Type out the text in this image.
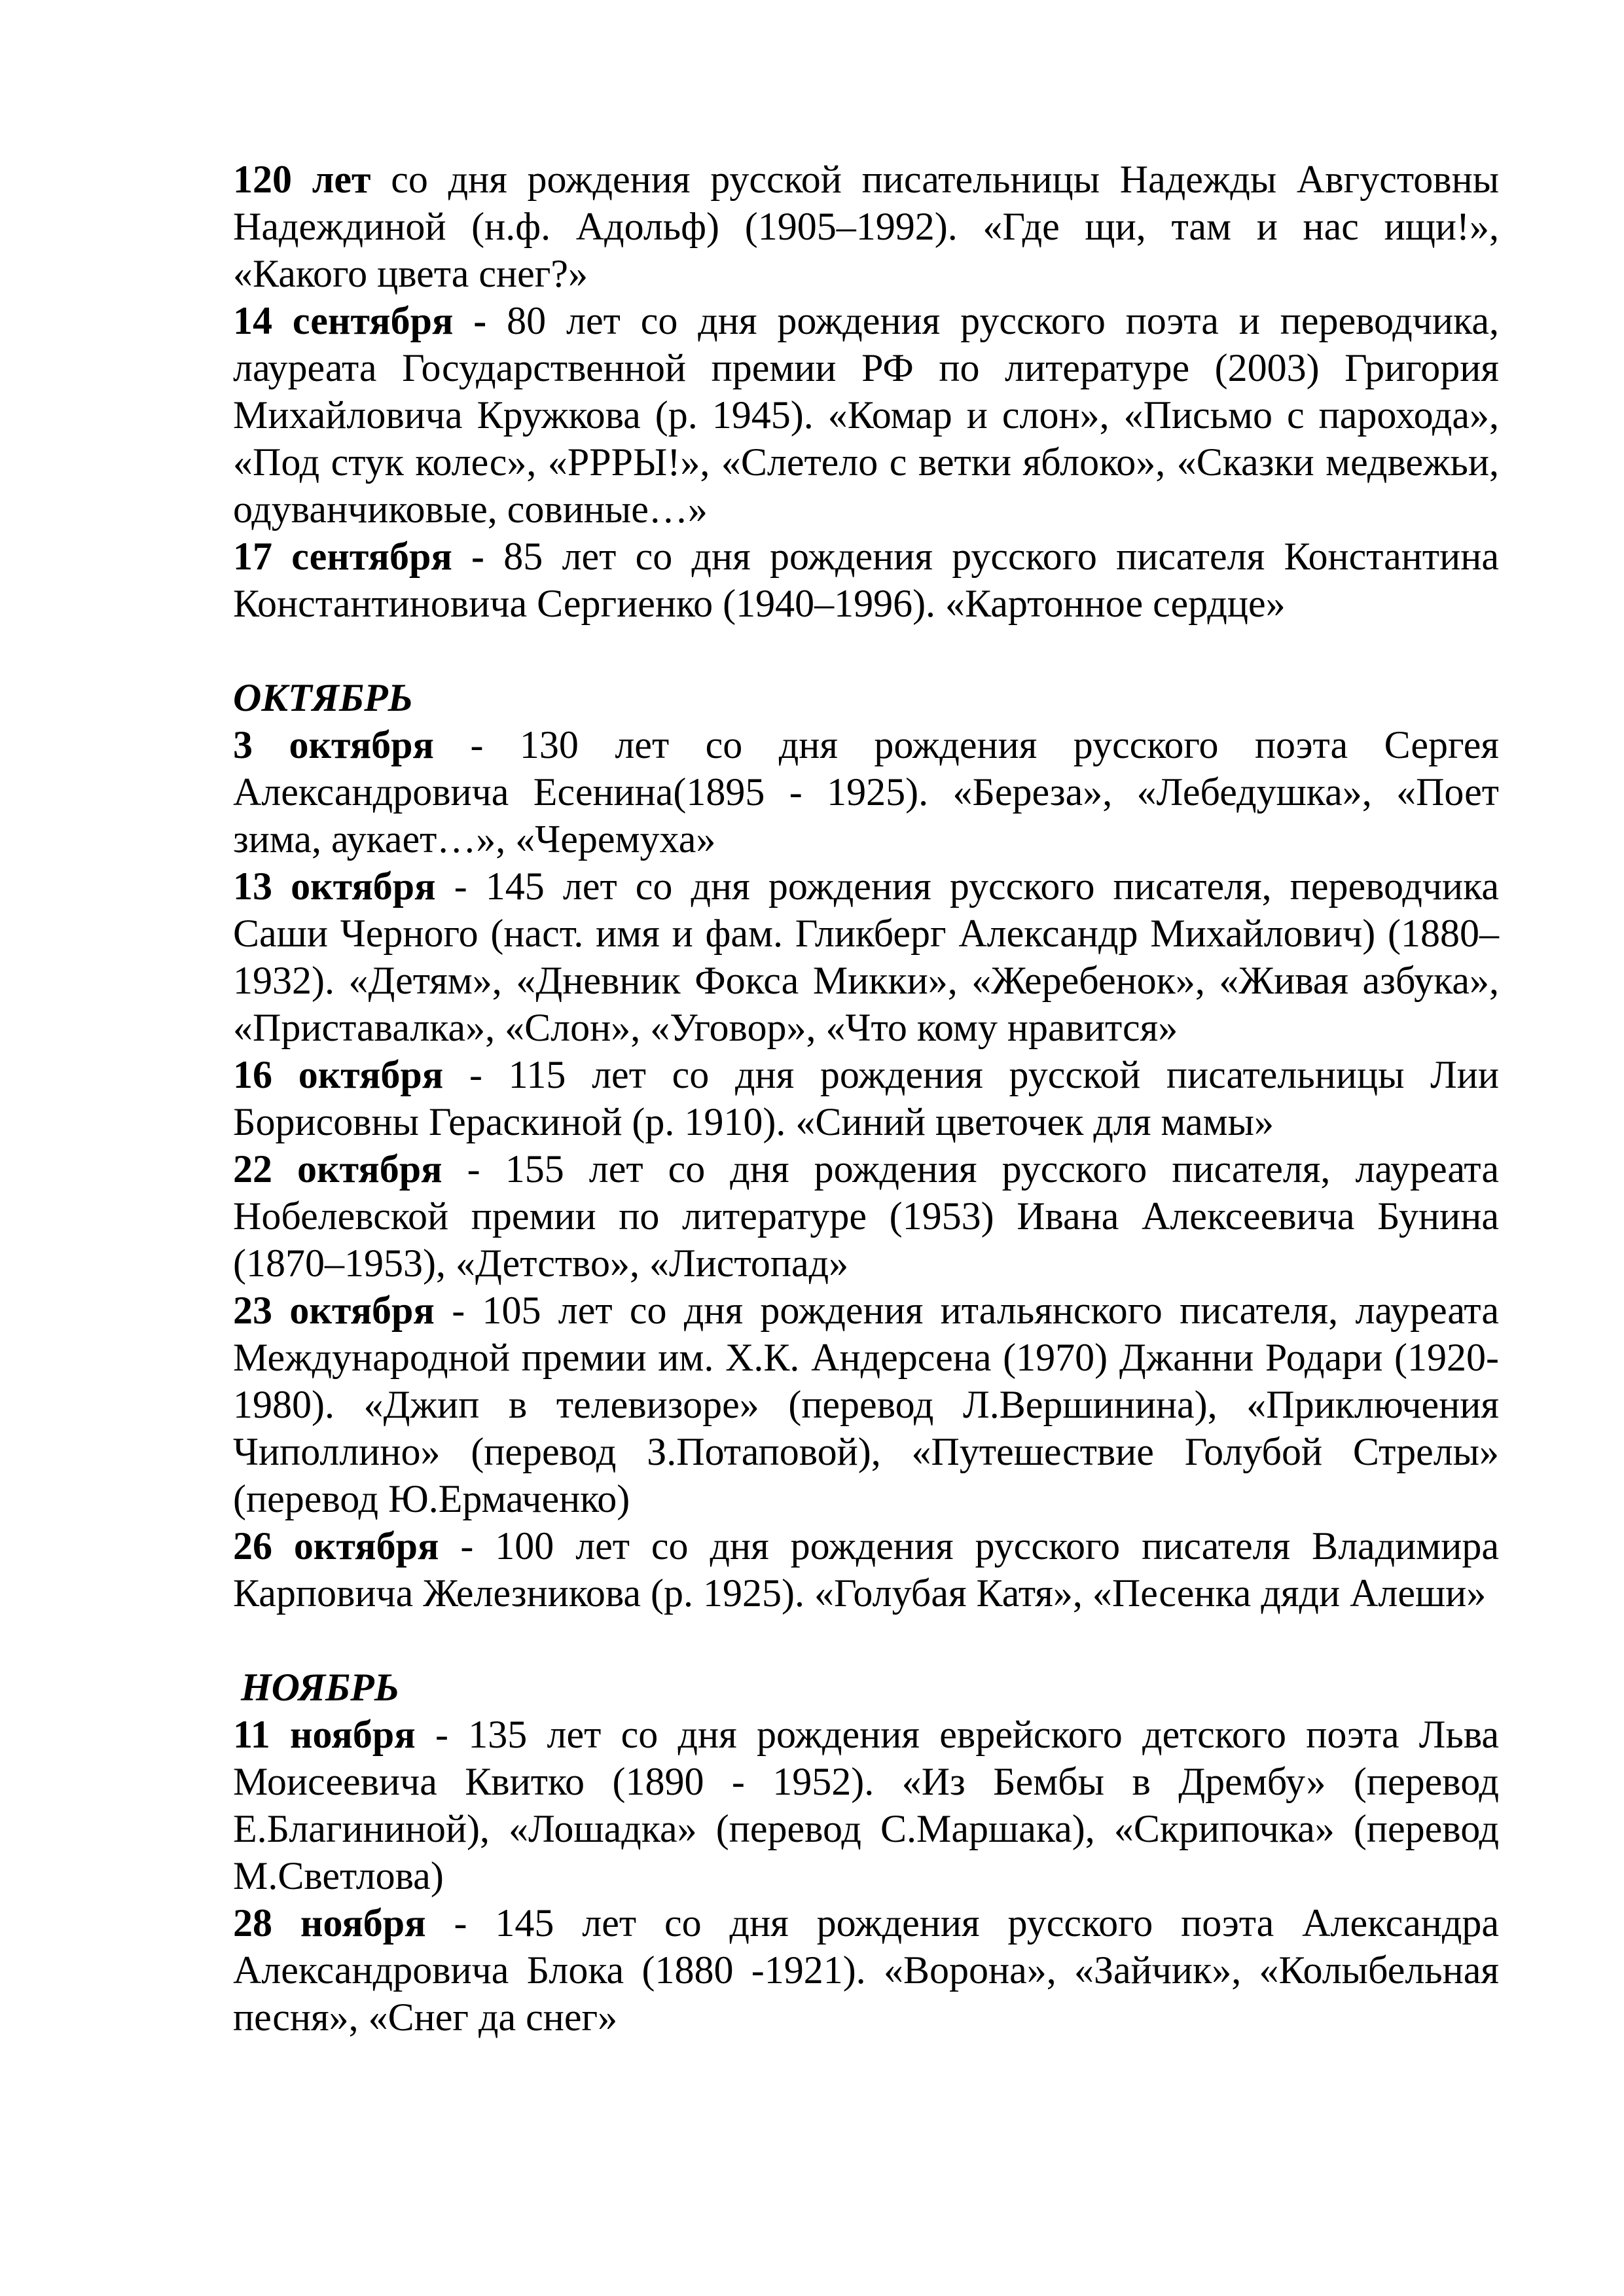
120 лет со дня рождения русской писательницы Надежды Августовны Надеждиной (н.ф. Адольф) (1905–1992). «Где щи, там и нас ищи!», «Какого цвета снег?»

14 сентября - 80 лет со дня рождения русского поэта и переводчика, лауреата Государственной премии РФ по литературе (2003) Григория Михайловича Кружкова (р. 1945). «Комар и слон», «Письмо с парохода», «Под стук колес», «РРРЫ!», «Слетело с ветки яблоко», «Сказки медвежьи, одуванчиковые, совиные…»

17 сентября - 85 лет со дня рождения русского писателя Константина Константиновича Сергиенко (1940–1996). «Картонное сердце»

ОКТЯБРЬ

3 октября - 130 лет со дня рождения русского поэта Сергея Александровича Есенина(1895 - 1925). «Береза», «Лебедушка», «Поет зима, аукает…», «Черемуха»

13 октября - 145 лет со дня рождения русского писателя, переводчика Саши Черного (наст. имя и фам. Гликберг Александр Михайлович) (1880–1932). «Детям», «Дневник Фокса Микки», «Жеребенок», «Живая азбука», «Приставалка», «Слон», «Уговор», «Что кому нравится»

16 октября - 115 лет со дня рождения русской писательницы Лии Борисовны Гераскиной (р. 1910). «Синий цветочек для мамы»

22 октября - 155 лет со дня рождения русского писателя, лауреата Нобелевской премии по литературе (1953) Ивана Алексеевича Бунина (1870–1953), «Детство», «Листопад»

23 октября - 105 лет со дня рождения итальянского писателя, лауреата Международной премии им. Х.К. Андерсена (1970) Джанни Родари (1920-1980). «Джип в телевизоре» (перевод Л.Вершинина), «Приключения Чиполлино» (перевод З.Потаповой), «Путешествие Голубой Стрелы» (перевод Ю.Ермаченко)

26 октября - 100 лет со дня рождения русского писателя Владимира Карповича Железникова (р. 1925). «Голубая Катя», «Песенка дяди Алеши»

НОЯБРЬ

11 ноября - 135 лет со дня рождения еврейского детского поэта Льва Моисеевича Квитко (1890 - 1952). «Из Бембы в Дрембу» (перевод Е.Благининой), «Лошадка» (перевод С.Маршака), «Скрипочка» (перевод М.Светлова)

28 ноября - 145 лет со дня рождения русского поэта Александра Александровича Блока (1880 -1921). «Ворона», «Зайчик», «Колыбельная песня», «Снег да снег»
